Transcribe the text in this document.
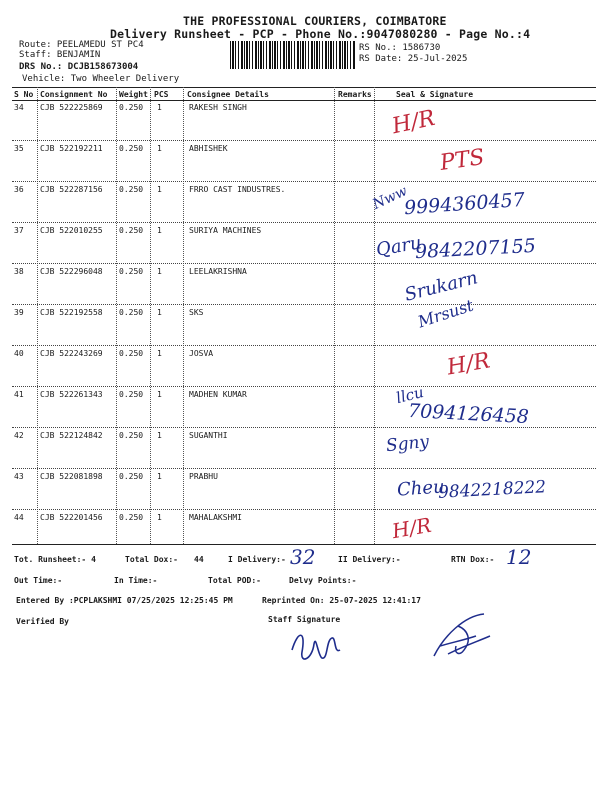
THE PROFESSIONAL COURIERS, COIMBATORE
Delivery Runsheet - PCP - Phone No.:9047080280 - Page No.:4
Route: PEELAMEDU ST PC4
Staff: BENJAMIN
DRS No.: DCJB158673004
Vehicle: Two Wheeler Delivery
RS No.: 1586730
RS Date: 25-Jul-2025
S No Consignment No Weight PCS Consignee Details	Remarks	Seal & Signature
34 CJB 522225869 0.250 1	RAKESH SINGH
35 CJB 522192211 0.250 1	ABHISHEK
36 CJB 522287156 0.250 1	FRRO CAST INDUSTRES.
37 CJB 522010255 0.250 1	SURIYA MACHINES
38 CJB 522296048 0.250 1	LEELAKRISHNA
39 CJB 522192558 0.250 1	SKS
40 CJB 522243269 0.250 1	JOSVA
41 CJB 522261343 0.250 1	MADHEN KUMAR
42 CJB 522124842 0.250 1	SUGANTHI
43 CJB 522081898 0.250 1	PRABHU
44 CJB 522201456 0.250 1	MAHALAKSHMI
H/R
PTS
Nww
9994360457
Qaru
9842207155
Srukarn
Mrsust
H/R
llcu
7094126458
Sgny
Cheu
9842218222
H/R
Tot. Runsheet:- 4	Total Dox:- 44	I Delivery:- 32	II Delivery:-	RTN Dox:- 12
Out Time:-	In Time:-	Total POD:-	Delvy Points:-
Entered By :PCPLAKSHMI 07/25/2025 12:25:45 PM	Reprinted On: 25-07-2025 12:41:17
Verified By	Staff Signature
